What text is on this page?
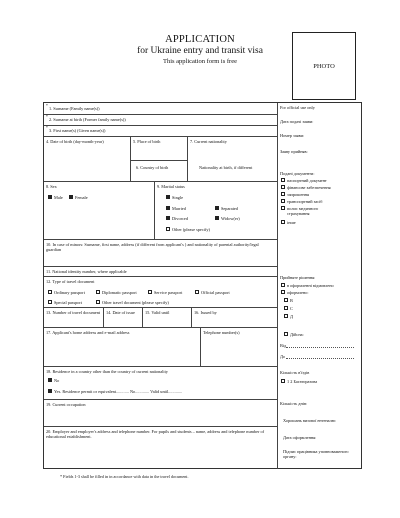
APPLICATION
for Ukraine entry and transit visa
This application form is free
PHOTO
* 1. Surname (Family name(s))
* 2. Surname at birth (Former family name(s))
* 3. First name(s) (Given name(s))
4. Date of birth (day-month-year)	5. Place of birth
6. Country of birth
7. Current nationality
Nationality at birth, if different
8. Sex
Male	Female
9. Marital status
Single
Married	Separated
Divorced	Widow(er)
Other (please specify)
10. In case of minors: Surname, first name, address (if different from applicant's ) and nationality of parental authority/legal guardian
11. National identity number, where applicable
12. Type of travel document
Ordinary passport	Diplomatic passport	Service passport	Official passport
Special passport	Other travel document (please specify)
13. Number of travel document 14. Date of issue 15. Valid until	16. Issued by
17. Applicant's home address and e-mail address	Telephone number(s)
18. Residence in a country other than the country of current nationality
No
Yes. Residence permit or equivalent............ No............. Valid until.............
19. Current occupation
20. Employer and employer's address and telephone number. For pupils and students – name, address and telephone number of educational establishment.
For official use only
Дата подачі заяви:
Номер заяви:
Заяву прийняв:
Подані документи:
паспортний документ
фінансове забезпечення
запрошення
транспортний засіб
полис медичного страхування
інше
Прийняте рішення:
в оформленні відмовлено
оформлено:
В
С
Д
Дійсна:
Від
До
Кількість в'їздів
1 2 Багаторазова
Кількість днів:
Хорошань визової ентеналю:
Дата оформлення:
Підпис працівника уповноваженого органу:
* Fields 1-3 shall be filled in in accordance with data in the travel document.
